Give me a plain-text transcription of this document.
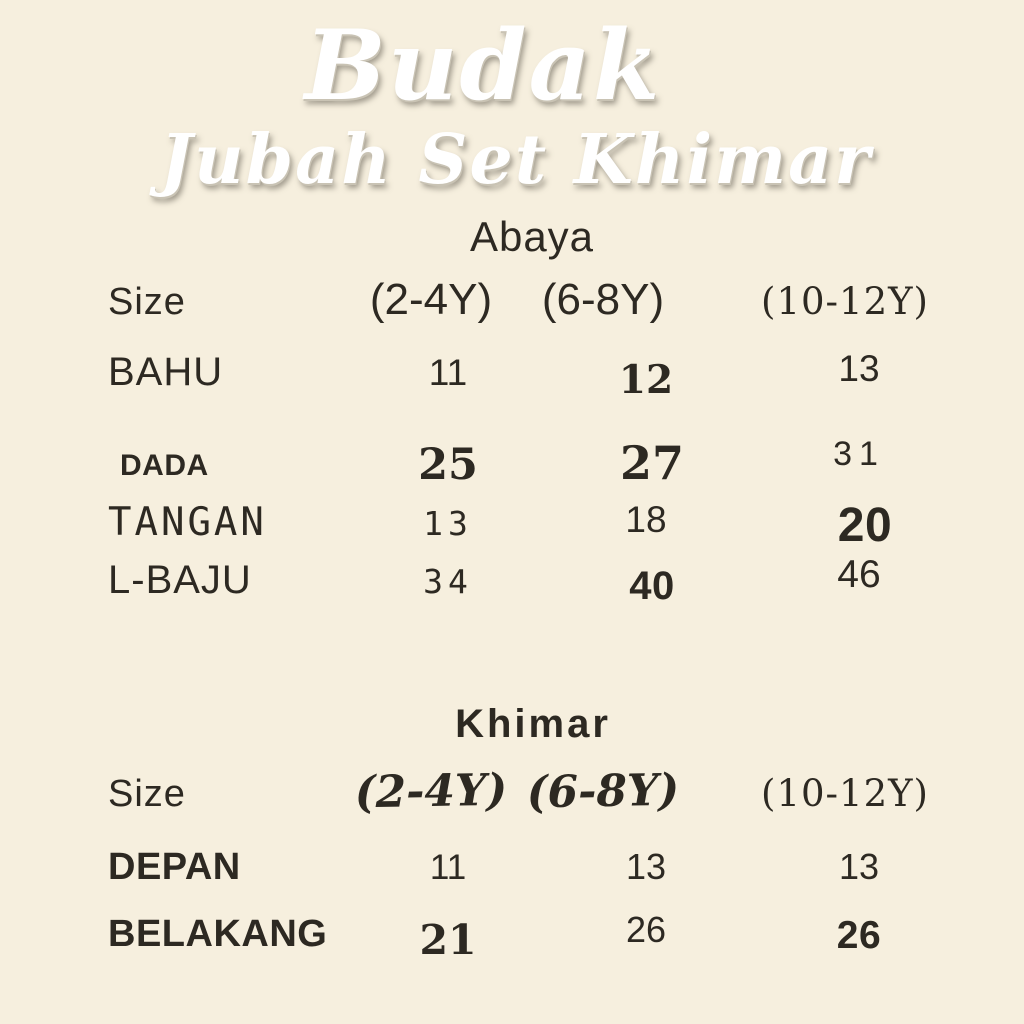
Budak
Jubah Set Khimar
Abaya
Size	(2-4Y)	(6-8Y)	(10-12Y)
BAHU	11	12	13
DADA	25	27	31
TANGAN	13	18	20
L-BAJU	34	40	46
Khimar
Size	(2-4Y) (6-8Y)	(10-12Y)
DEPAN	11	13	13
BELAKANG	21	26	26
